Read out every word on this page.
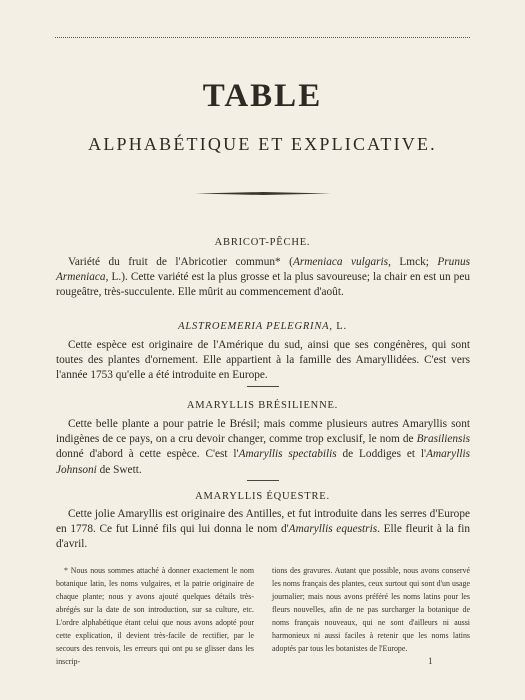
TABLE
ALPHABÉTIQUE ET EXPLICATIVE.
ABRICOT-PÊCHE.
Variété du fruit de l'Abricotier commun* (Armeniaca vulgaris, Lmck; Prunus Armeniaca, L.). Cette variété est la plus grosse et la plus savoureuse; la chair en est un peu rougeâtre, très-succulente. Elle mûrit au commencement d'août.
ALSTROEMERIA PELEGRINA, L.
Cette espèce est originaire de l'Amérique du sud, ainsi que ses congénères, qui sont toutes des plantes d'ornement. Elle appartient à la famille des Amaryllidées. C'est vers l'année 1753 qu'elle a été introduite en Europe.
AMARYLLIS BRÉSILIENNE.
Cette belle plante a pour patrie le Brésil; mais comme plusieurs autres Amaryllis sont indigènes de ce pays, on a cru devoir changer, comme trop exclusif, le nom de Brasiliensis donné d'abord à cette espèce. C'est l'Amaryllis spectabilis de Loddiges et l'Amaryllis Johnsoni de Swett.
AMARYLLIS ÉQUESTRE.
Cette jolie Amaryllis est originaire des Antilles, et fut introduite dans les serres d'Europe en 1778. Ce fut Linné fils qui lui donna le nom d'Amaryllis equestris. Elle fleurit à la fin d'avril.
* Nous nous sommes attaché à donner exactement le nom botanique latin, les noms vulgaires, et la patrie originaire de chaque plante; nous y avons ajouté quelques détails très-abrégés sur la date de son introduction, sur sa culture, etc. L'ordre alphabétique étant celui que nous avons adopté pour cette explication, il devient très-facile de rectifier, par le secours des renvois, les erreurs qui ont pu se glisser dans les inscrip-
tions des gravures. Autant que possible, nous avons conservé les noms français des plantes, ceux surtout qui sont d'un usage journalier; mais nous avons préféré les noms latins pour les fleurs nouvelles, afin de ne pas surcharger la botanique de noms français nouveaux, qui ne sont d'ailleurs ni aussi harmonieux ni aussi faciles à retenir que les noms latins adoptés par tous les botanistes de l'Europe.
1
